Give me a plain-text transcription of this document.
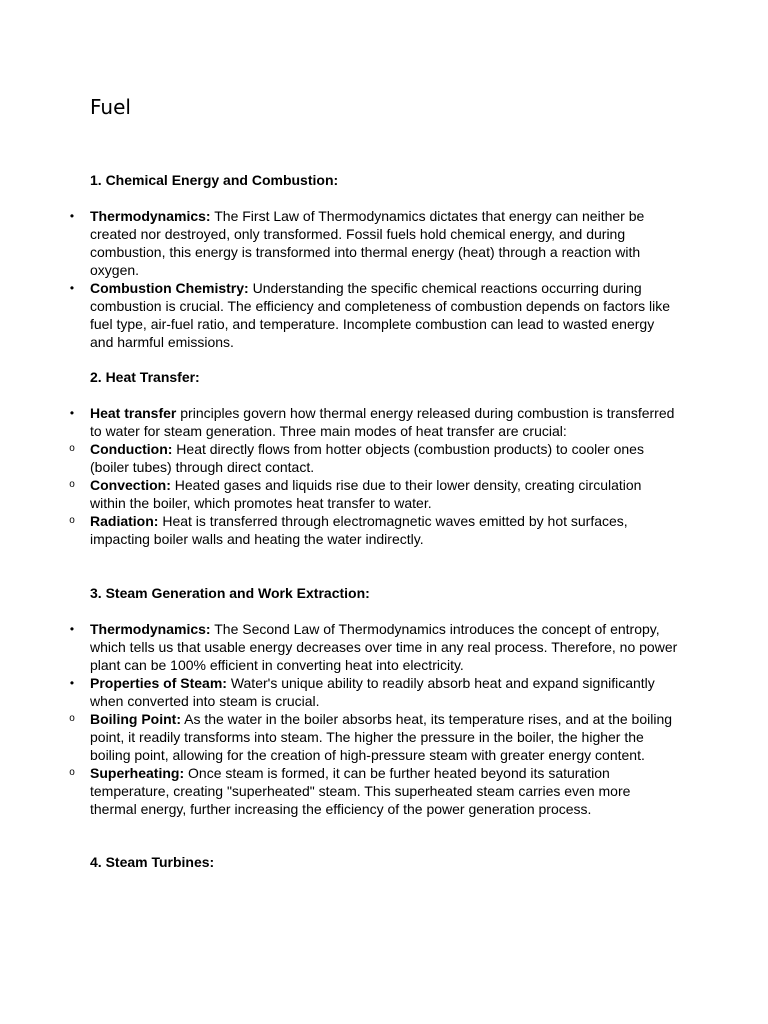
Fuel
1. Chemical Energy and Combustion:
• Thermodynamics: The First Law of Thermodynamics dictates that energy can neither be created nor destroyed, only transformed. Fossil fuels hold chemical energy, and during combustion, this energy is transformed into thermal energy (heat) through a reaction with oxygen.
• Combustion Chemistry: Understanding the specific chemical reactions occurring during combustion is crucial. The efficiency and completeness of combustion depends on factors like fuel type, air-fuel ratio, and temperature. Incomplete combustion can lead to wasted energy and harmful emissions.
2. Heat Transfer:
• Heat transfer principles govern how thermal energy released during combustion is transferred to water for steam generation. Three main modes of heat transfer are crucial:
o Conduction: Heat directly flows from hotter objects (combustion products) to cooler ones (boiler tubes) through direct contact.
o Convection: Heated gases and liquids rise due to their lower density, creating circulation within the boiler, which promotes heat transfer to water.
o Radiation: Heat is transferred through electromagnetic waves emitted by hot surfaces, impacting boiler walls and heating the water indirectly.
3. Steam Generation and Work Extraction:
• Thermodynamics: The Second Law of Thermodynamics introduces the concept of entropy, which tells us that usable energy decreases over time in any real process. Therefore, no power plant can be 100% efficient in converting heat into electricity.
• Properties of Steam: Water's unique ability to readily absorb heat and expand significantly when converted into steam is crucial.
o Boiling Point: As the water in the boiler absorbs heat, its temperature rises, and at the boiling point, it readily transforms into steam. The higher the pressure in the boiler, the higher the boiling point, allowing for the creation of high-pressure steam with greater energy content.
o Superheating: Once steam is formed, it can be further heated beyond its saturation temperature, creating "superheated" steam. This superheated steam carries even more thermal energy, further increasing the efficiency of the power generation process.
4. Steam Turbines:
